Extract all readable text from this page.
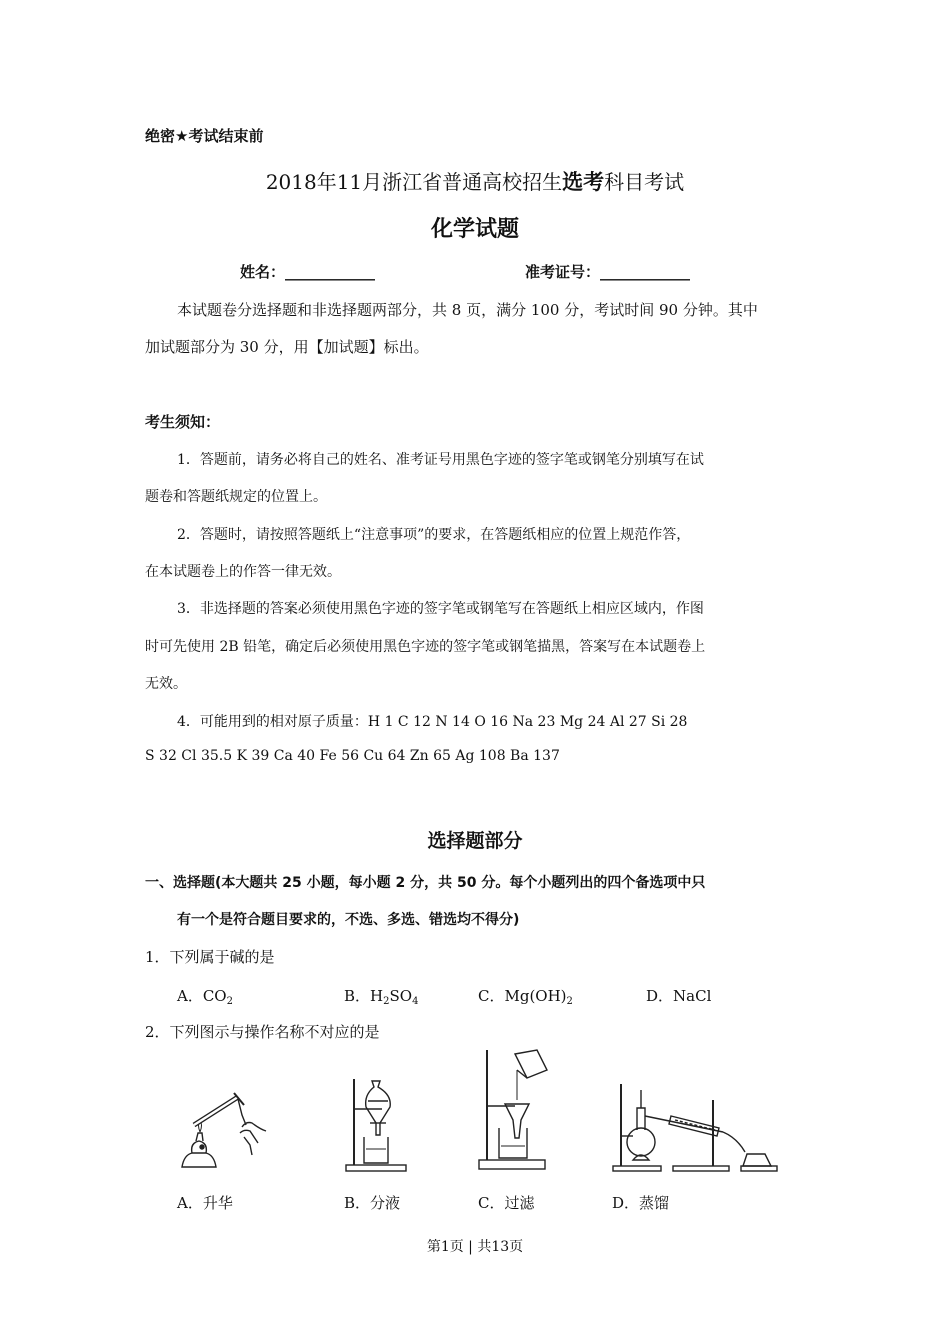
绝密★考试结束前
2018年11月浙江省普通高校招生选考科目考试
化学试题
姓名：____________	准考证号：____________
本试题卷分选择题和非选择题两部分，共 8 页，满分 100 分，考试时间 90 分钟。其中
加试题部分为 30 分，用【加试题】标出。
考生须知：
1．答题前，请务必将自己的姓名、准考证号用黑色字迹的签字笔或钢笔分别填写在试
题卷和答题纸规定的位置上。
2．答题时，请按照答题纸上“注意事项”的要求，在答题纸相应的位置上规范作答，
在本试题卷上的作答一律无效。
3．非选择题的答案必须使用黑色字迹的签字笔或钢笔写在答题纸上相应区域内，作图
时可先使用 2B 铅笔，确定后必须使用黑色字迹的签字笔或钢笔描黑，答案写在本试题卷上
无效。
4．可能用到的相对原子质量：H 1 C 12 N 14 O 16 Na 23 Mg 24 Al 27 Si 28
S 32 Cl 35.5 K 39 Ca 40 Fe 56 Cu 64 Zn 65 Ag 108 Ba 137
选择题部分
一、选择题(本大题共 25 小题，每小题 2 分，共 50 分。每个小题列出的四个备选项中只
有一个是符合题目要求的，不选、多选、错选均不得分)
1．下列属于碱的是
A．$CO_2$	B．$H_2SO_4$	C．$Mg(OH)_2$	D．NaCl
2．下列图示与操作名称不对应的是
A．升华	B．分液	C．过滤	D．蒸馏
第1页 | 共13页
